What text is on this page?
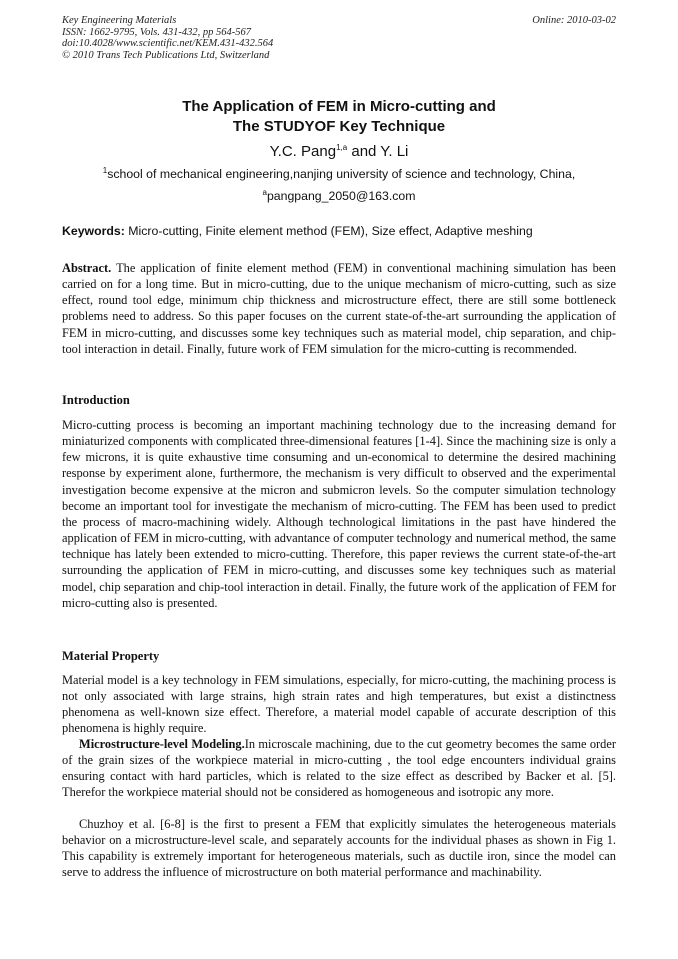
Key Engineering Materials
ISSN: 1662-9795, Vols. 431-432, pp 564-567
doi:10.4028/www.scientific.net/KEM.431-432.564
© 2010 Trans Tech Publications Ltd, Switzerland
Online: 2010-03-02
The Application of FEM in Micro-cutting and
The STUDYOF Key Technique
Y.C. Pang$^{1,a}$ and Y. Li
$^1$school of mechanical engineering,nanjing university of science and technology, China,
$^a$pangpang_2050@163.com
Keywords: Micro-cutting, Finite element method (FEM), Size effect, Adaptive meshing

Abstract. The application of finite element method (FEM) in conventional machining simulation has been carried on for a long time. But in micro-cutting, due to the unique mechanism of micro-cutting, such as size effect, round tool edge, minimum chip thickness and microstructure effect, there are still some bottleneck problems need to address. So this paper focuses on the current state-of-the-art surrounding the application of FEM in micro-cutting, and discusses some key techniques such as material model, chip separation, and chip-tool interaction in detail. Finally, future work of FEM simulation for the micro-cutting is recommended.

Introduction

Micro-cutting process is becoming an important machining technology due to the increasing demand for miniaturized components with complicated three-dimensional features [1-4]. Since the machining size is only a few microns, it is quite exhaustive time consuming and un-economical to determine the desired machining response by experiment alone, furthermore, the mechanism is very difficult to observed and the experimental investigation become expensive at the micron and submicron levels. So the computer simulation technology become an important tool for investigate the mechanism of micro-cutting. The FEM has been used to predict the process of macro-machining widely. Although technological limitations in the past have hindered the application of FEM in micro-cutting, with advantance of computer technology and numerical method, the same technique has lately been extended to micro-cutting. Therefore, this paper reviews the current state-of-the-art surrounding the application of FEM in micro-cutting, and discusses some key techniques such as material model, chip separation and chip-tool interaction in detail. Finally, the future work of the application of FEM for micro-cutting also is presented.

Material Property

Material model is a key technology in FEM simulations, especially, for micro-cutting, the machining process is not only associated with large strains, high strain rates and high temperatures, but exist a distinctness phenomena as well-known size effect. Therefore, a material model capable of accurate description of this phenomena is highly require.

Microstructure-level Modeling.In microscale machining, due to the cut geometry becomes the same order of the grain sizes of the workpiece material in micro-cutting , the tool edge encounters individual grains ensuring contact with hard particles, which is related to the size effect as described by Backer et al. [5]. Therefor the workpiece material should not be considered as homogeneous and isotropic any more.

Chuzhoy et al. [6-8] is the first to present a FEM that explicitly simulates the heterogeneous materials behavior on a microstructure-level scale, and separately accounts for the individual phases as shown in Fig 1. This capability is extremely important for heterogeneous materials, such as ductile iron, since the model can serve to address the influence of microstructure on both material performance and machinability.
